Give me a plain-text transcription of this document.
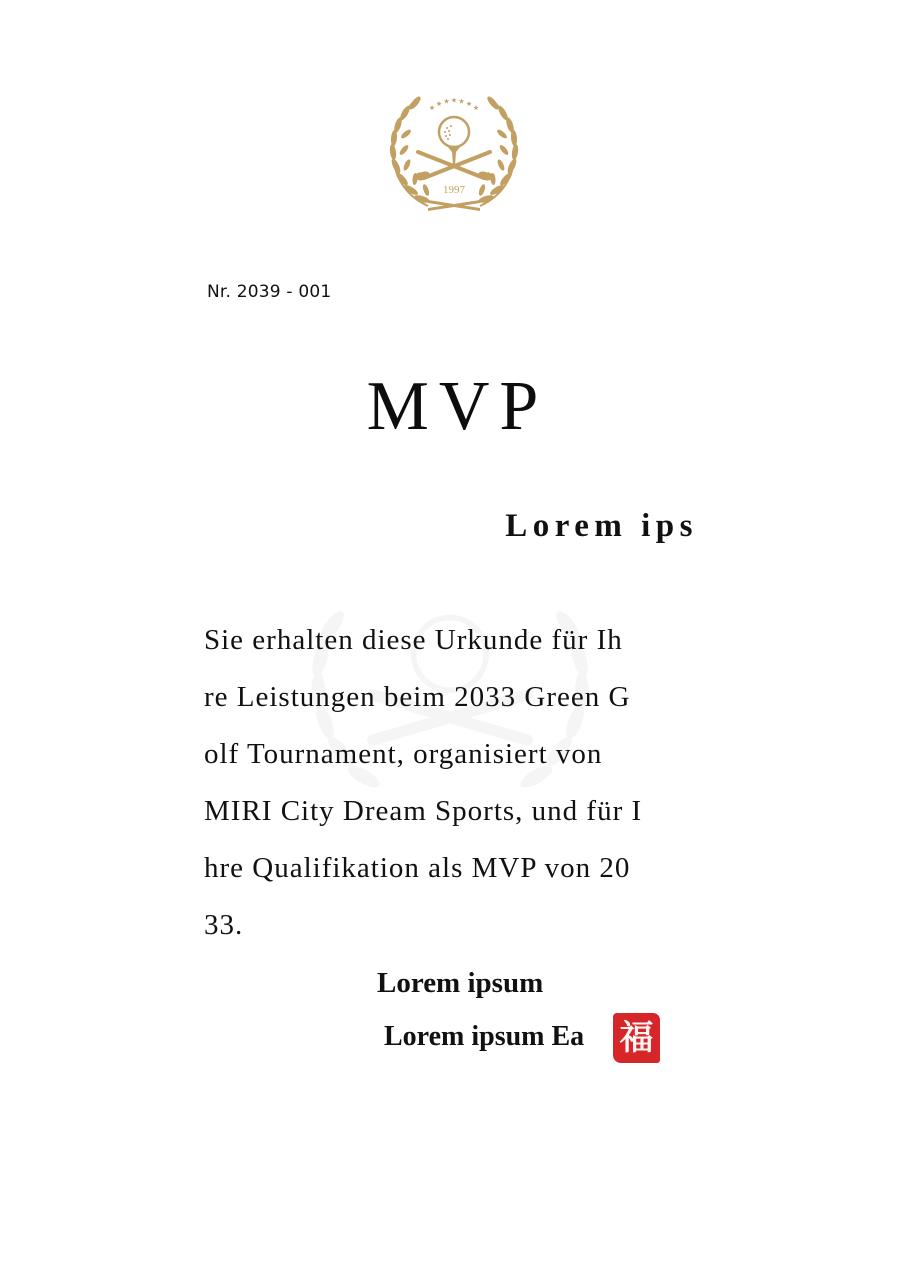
★ ★ ★ ★ ★ ★ ★
1997
Nr. 2039 - 001
MVP
Lorem ips
Sie erhalten diese Urkunde für Ih
re Leistungen beim 2033 Green G
olf Tournament, organisiert von
MIRI City Dream Sports, und für I
hre Qualifikation als MVP von 20
33.
Lorem ipsum
Lorem ipsum Ea 福
